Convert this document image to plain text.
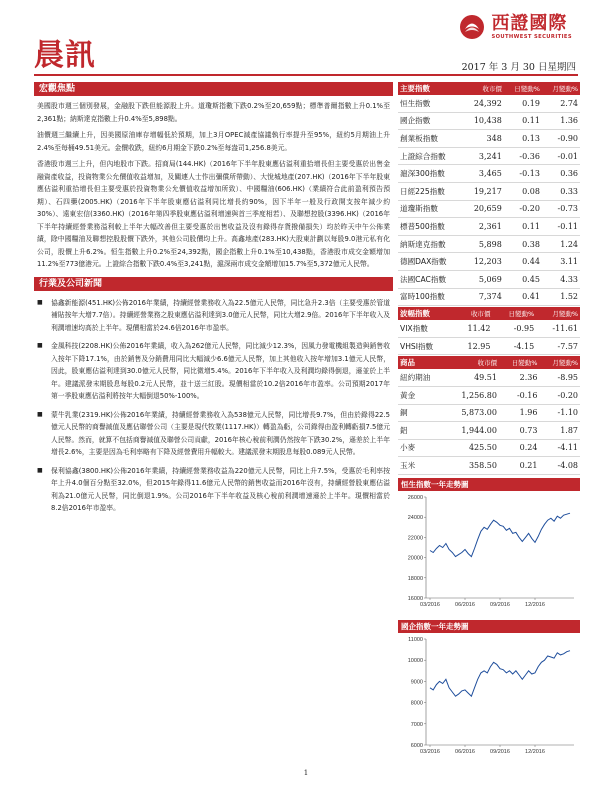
晨訊
西證國際
SOUTHWEST SECURITIES
2017 年 3 月 30 日星期四
宏觀焦點

美國股市週三個別發展，金融股下跌但能源股上升。道瓊斯指數下跌0.2%至20,659點；標準普爾指數上升0.1%至2,361點；納斯達克指數上升0.4%至5,898點。

油價週三繼續上升，因美國原油庫存增幅低於預期，加上3月OPEC減產協議執行率提升至95%，紐約5月期油上升2.4%至每桶49.51美元。金價收跌，紐約6月期金下跌0.2%至每盎司1,256.8美元。

香港股市週三上升，但內地股市下跌。招商局(144.HK)（2016年下半年股東應佔溢利重拾增長但主要受惠於出售金融資產收益，投資物業公允價值收益增加，及關連人士作出彌償所帶動）、大悅城地產(207.HK)（2016年下半年股東應佔溢利重拾增長但主要受惠於投資物業公允價值收益增加所致）、中國糧油(606.HK)（業績符合此前盈利預告預期）、石四藥(2005.HK)（2016年下半年股東應佔溢利同比增長約90%，因下半年一般及行政開支按年減少約30%）、遠東宏信(3360.HK)（2016年第四季股東應佔溢利增速與首三季度相若）、及聯想控股(3396.HK)（2016年下半年持續經營業務溢利較上半年大幅改善但主要受惠於出售收益及沒有錄得存貨撥備損失）均於昨天中午公佈業績，除中國糧油及聯想控股股價下跌外，其他公司股價均上升。高鑫地產(283.HK)大股東計劃以每股9.0港元私有化公司，股價上升6.2%。恒生指數上升0.2%至24,392點，國企指數上升0.1%至10,438點，香港股市成交金額增加11.2%至773億港元。上證綜合指數下跌0.4%至3,241點，滬深兩市成交金額增加15.7%至5,372億元人民幣。

行業及公司新聞
■	協鑫新能源(451.HK)公佈2016年業績，持續經營業務收入為22.5億元人民幣，同比急升2.3倍（主要受惠於管道補貼按年大增7.7倍）。持續經營業務之股東應佔溢利達到3.0億元人民幣，同比大增2.9倍。2016年下半年收入及利潤增速均高於上半年。現價相當於24.6倍2016年市盈率。
■	金風科技(2208.HK)公佈2016年業績，收入為262億元人民幣，同比減少12.3%，因風力發電機組製造與銷售收入按年下降17.1%，由於銷售及分銷費用同比大幅減少6.6億元人民幣，加上其他收入按年增加3.1億元人民幣，因此，股東應佔溢利達到30.0億元人民幣，同比微增5.4%。2016年下半年收入及利潤均錄得倒退，遜並於上半年。建議派發末期股息每股0.2元人民幣，並十送三紅股。現價相當於10.2倍2016年市盈率。公司預期2017年第一季股東應佔溢利將按年大幅倒退50%-100%。
■	蒙牛乳業(2319.HK)公佈2016年業績，持續經營業務收入為538億元人民幣，同比增長9.7%，但由於錄得22.5億元人民幣的商譽減值及應佔聯營公司（主要是現代牧業(1117.HK)）轉盈為虧，公司錄得由盈利轉虧損7.5億元人民幣。然而，就算不包括商譽減值及聯營公司貢獻，2016年核心稅前利潤仍然按年下跌30.2%，遜差於上半年增長2.6%，主要是因為毛利率略有下降及經營費用升幅較大。建議派發末期股息每股0.089元人民幣。
■	保利協鑫(3800.HK)公佈2016年業績，持續經營業務收益為220億元人民幣，同比上升7.5%，受惠於毛利率按年上升4.0個百分點至32.0%，但2015年錄得11.6億元人民幣的銷售收益而2016年沒有，持續經營股東應佔溢利為21.0億元人民幣，同比倒退1.9%。公司2016年下半年收益及核心稅前利潤增速遜於上半年。現價相當於8.2倍2016年市盈率。
主要指數	收市價	日變動%	月變動%
恒生指數	24,392	0.19	2.74
國企指數	10,438	0.11	1.36
創業板指數	348	0.13	-0.90
上證綜合指數	3,241	-0.36	-0.01
滬深300指數	3,465	-0.13	0.36
日經225指數	19,217	0.08	0.33
道瓊斯指數	20,659	-0.20	-0.73
標普500指數	2,361	0.11	-0.11
納斯達克指數	5,898	0.38	1.24
德國DAX指數	12,203	0.44	3.11
法國CAC指數	5,069	0.45	4.33
富時100指數	7,374	0.41	1.52
波幅指數	收市價	日變動%	月變動%
VIX指數	11.42	-0.95	-11.61
VHSI指數	12.95	-4.15	-7.57
商品	收市價	日變動%	月變動%
紐約期油	49.51	2.36	-8.95
黃金	1,256.80	-0.16	-0.20
銅	5,873.00	1.96	-1.10
鋁	1,944.00	0.73	1.87
小麥	425.50	0.24	-4.11
玉米	358.50	0.21	-4.08
恒生指數一年走勢圖
16000
18000
20000
22000
24000
26000
03/2016	06/2016	09/2016	12/2016
國企指數一年走勢圖
6000
7000
8000
9000
10000
11000
03/2016	06/2016	09/2016	12/2016
1
